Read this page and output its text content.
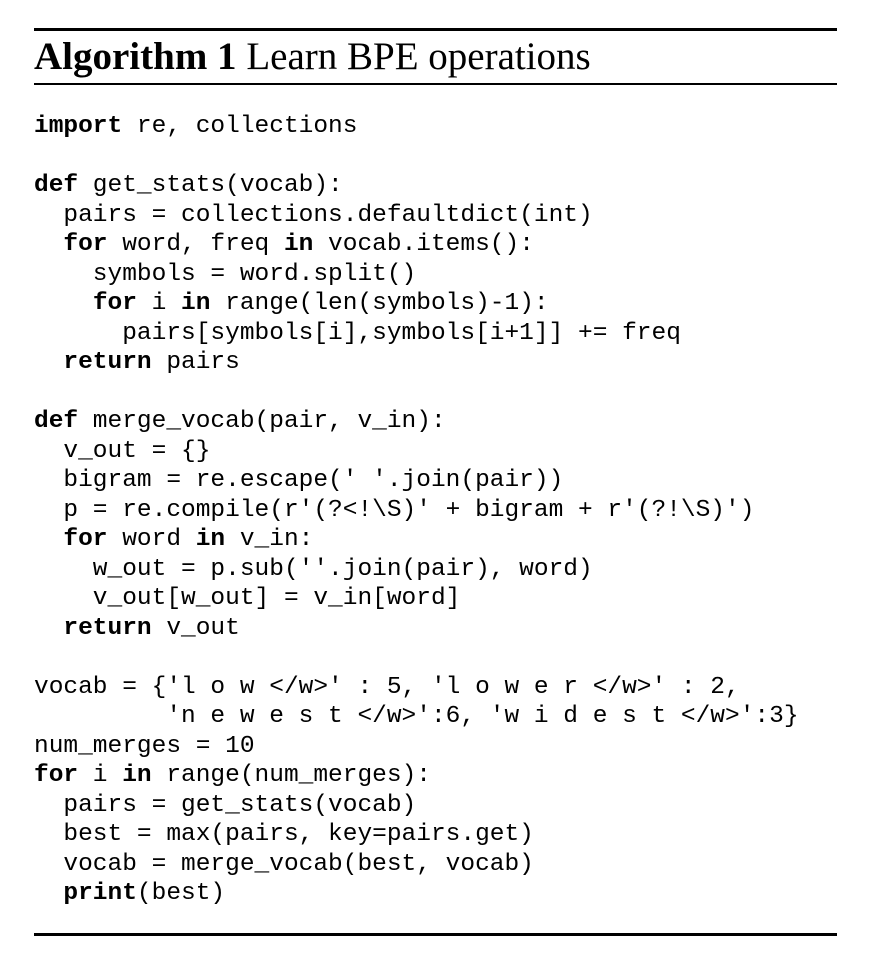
Algorithm 1 Learn BPE operations
import re, collections

def get_stats(vocab):
pairs = collections.defaultdict(int)
for word, freq in vocab.items():
symbols = word.split()
for i in range(len(symbols)-1):
pairs[symbols[i],symbols[i+1]] += freq
return pairs

def merge_vocab(pair, v_in):
v_out = {}
bigram = re.escape(' '.join(pair))
p = re.compile(r'(?<!\S)' + bigram + r'(?!\S)')
for word in v_in:
w_out = p.sub(''.join(pair), word)
v_out[w_out] = v_in[word]
return v_out

vocab = {'l o w </w>' : 5, 'l o w e r </w>' : 2,
'n e w e s t </w>':6, 'w i d e s t </w>':3}
num_merges = 10
for i in range(num_merges):
pairs = get_stats(vocab)
best = max(pairs, key=pairs.get)
vocab = merge_vocab(best, vocab)
print(best)
